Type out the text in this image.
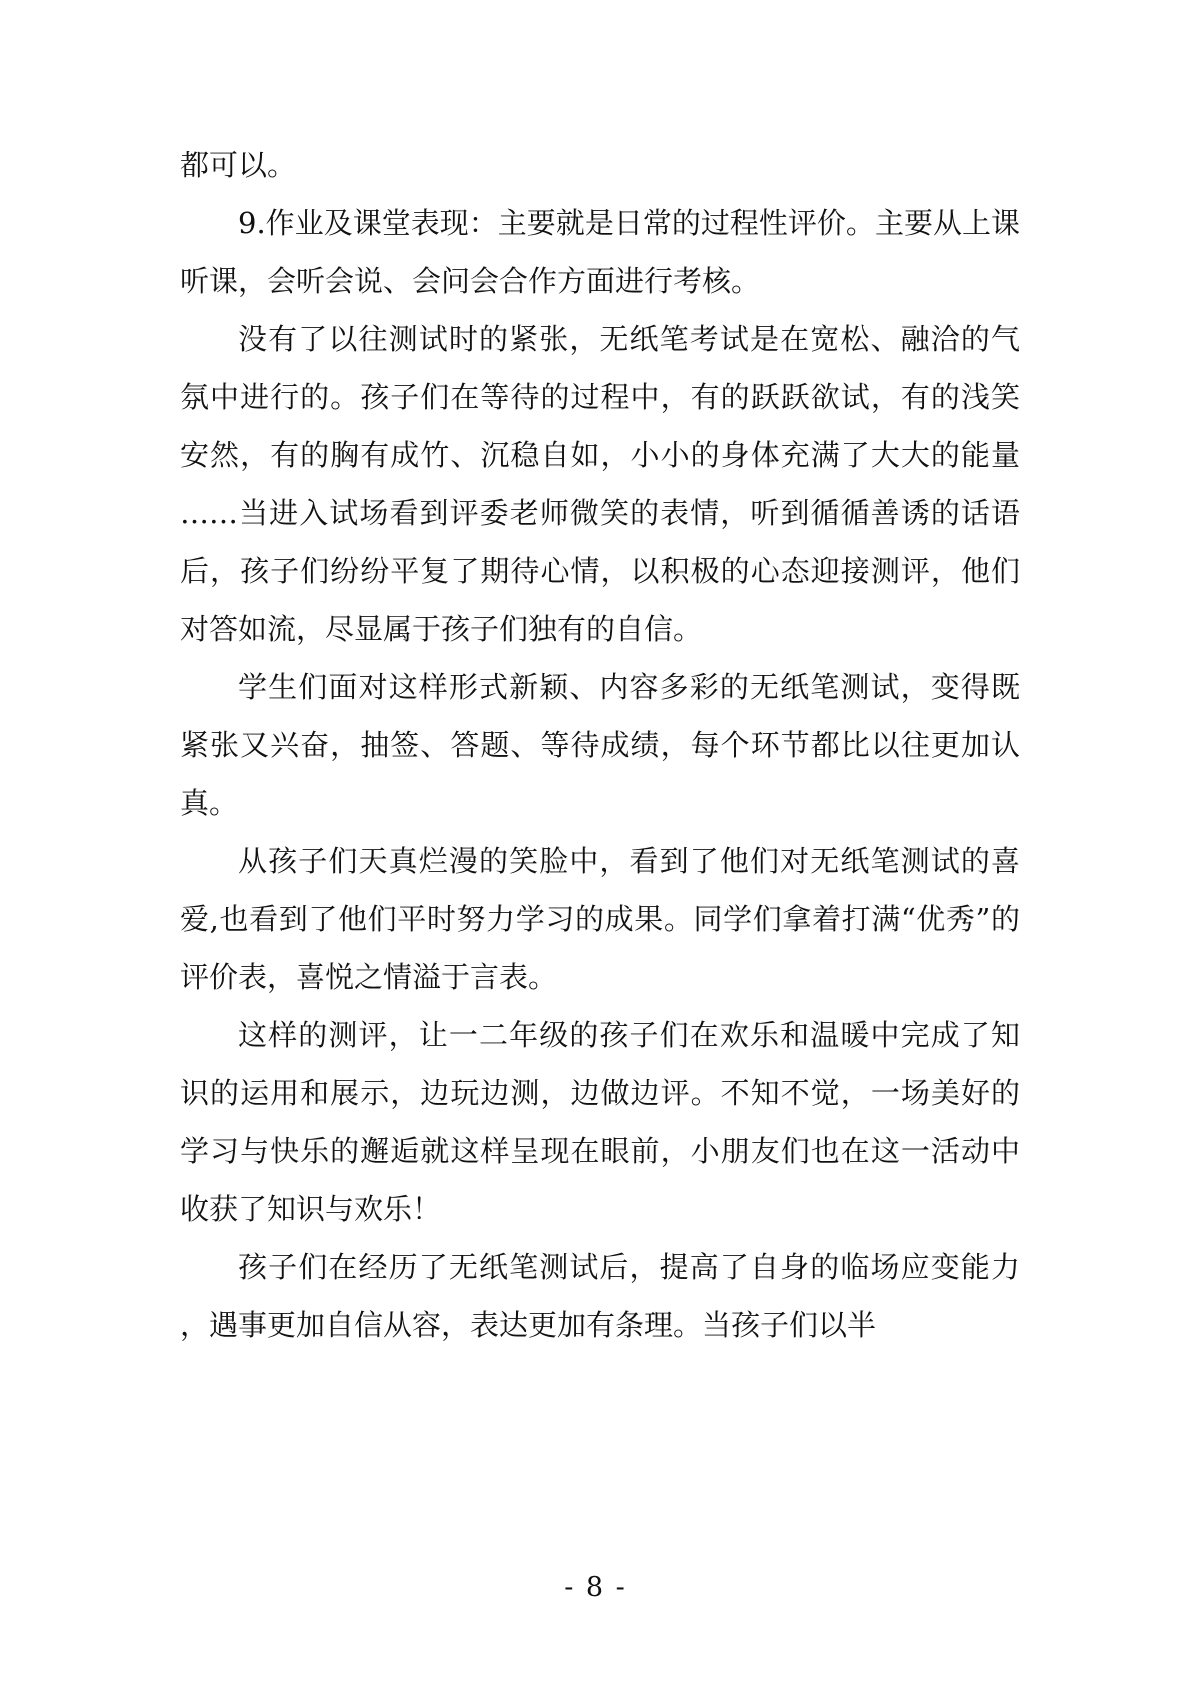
都可以。

9.作业及课堂表现：主要就是日常的过程性评价。主要从上课听课，会听会说、会问会合作方面进行考核。

没有了以往测试时的紧张，无纸笔考试是在宽松、融洽的气氛中进行的。孩子们在等待的过程中，有的跃跃欲试，有的浅笑安然，有的胸有成竹、沉稳自如，小小的身体充满了大大的能量……当进入试场看到评委老师微笑的表情，听到循循善诱的话语后，孩子们纷纷平复了期待心情，以积极的心态迎接测评，他们对答如流，尽显属于孩子们独有的自信。

学生们面对这样形式新颖、内容多彩的无纸笔测试，变得既紧张又兴奋，抽签、答题、等待成绩，每个环节都比以往更加认真。

从孩子们天真烂漫的笑脸中，看到了他们对无纸笔测试的喜爱,也看到了他们平时努力学习的成果。同学们拿着打满“优秀”的评价表，喜悦之情溢于言表。

这样的测评，让一二年级的孩子们在欢乐和温暖中完成了知识的运用和展示，边玩边测，边做边评。不知不觉，一场美好的学习与快乐的邂逅就这样呈现在眼前，小朋友们也在这一活动中收获了知识与欢乐！

孩子们在经历了无纸笔测试后，提高了自身的临场应变能力，遇事更加自信从容，表达更加有条理。当孩子们以半

- 8 -
